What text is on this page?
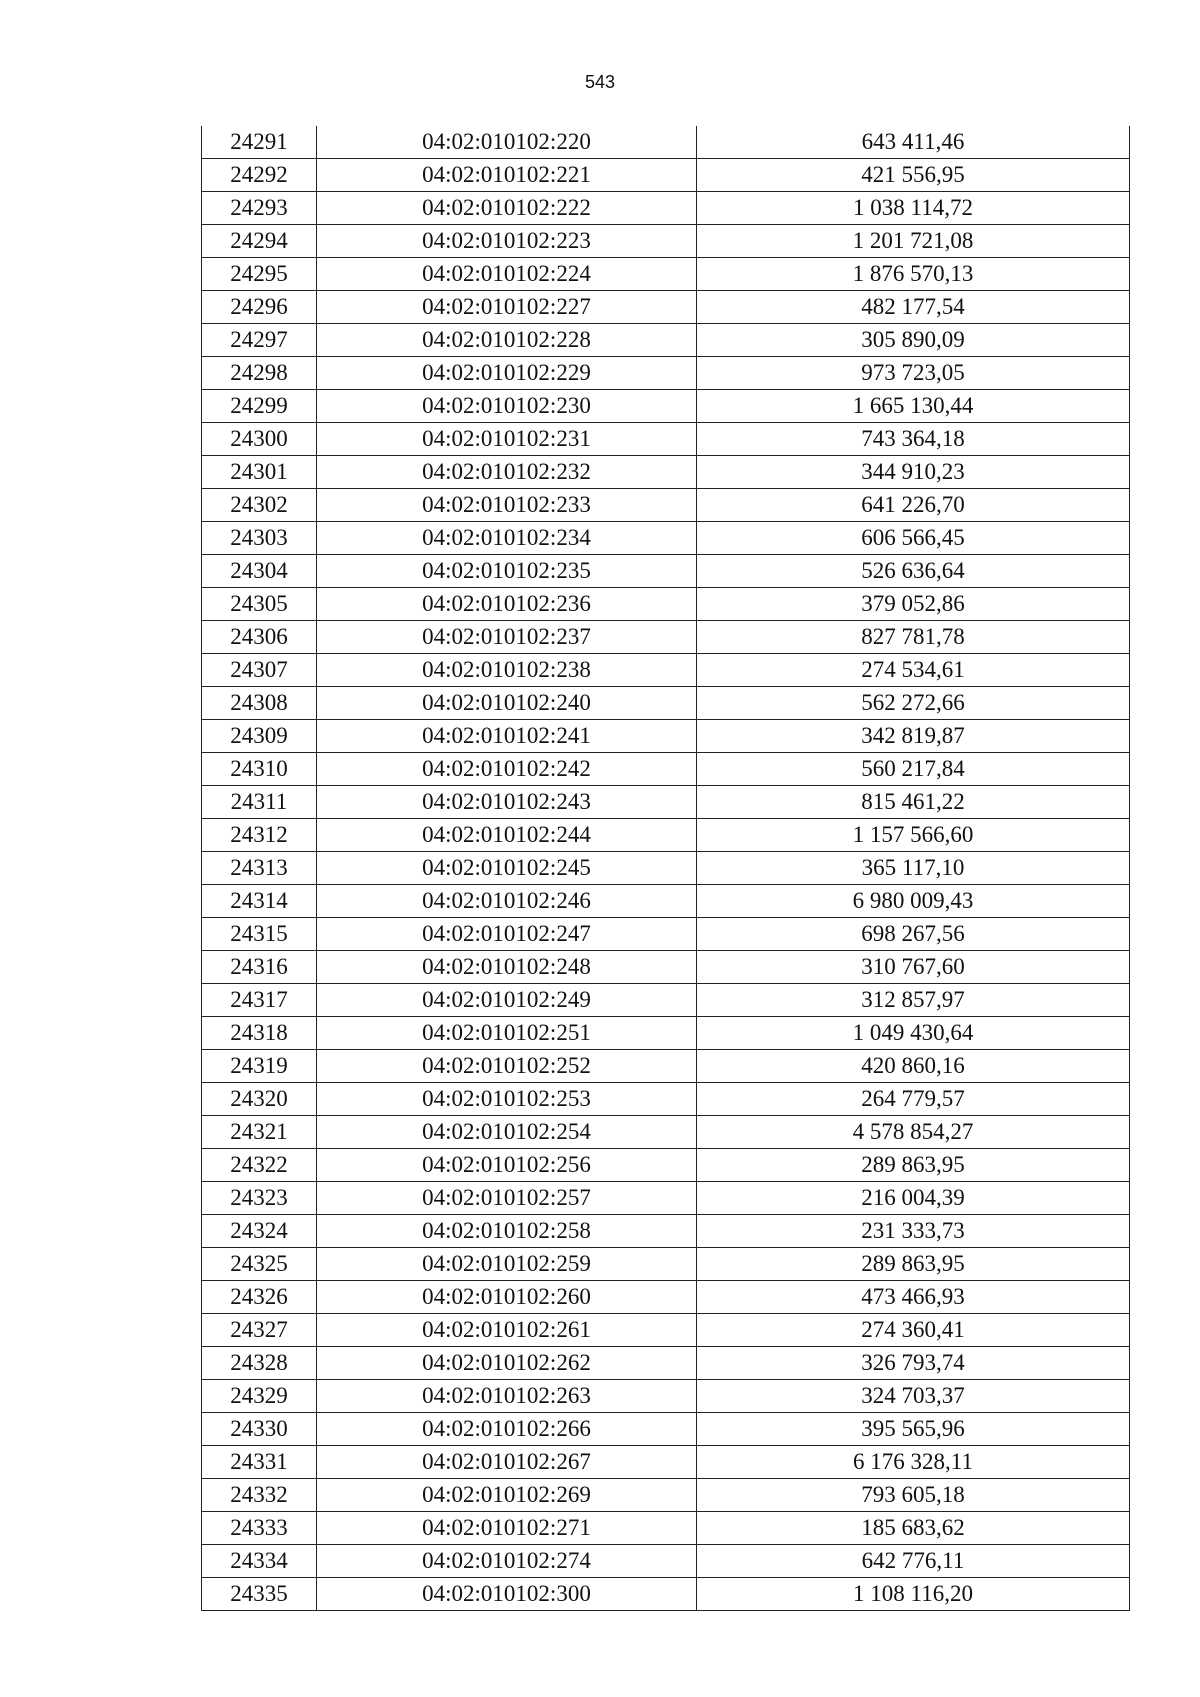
543
24291	04:02:010102:220	643 411,46
24292	04:02:010102:221	421 556,95
24293	04:02:010102:222	1 038 114,72
24294	04:02:010102:223	1 201 721,08
24295	04:02:010102:224	1 876 570,13
24296	04:02:010102:227	482 177,54
24297	04:02:010102:228	305 890,09
24298	04:02:010102:229	973 723,05
24299	04:02:010102:230	1 665 130,44
24300	04:02:010102:231	743 364,18
24301	04:02:010102:232	344 910,23
24302	04:02:010102:233	641 226,70
24303	04:02:010102:234	606 566,45
24304	04:02:010102:235	526 636,64
24305	04:02:010102:236	379 052,86
24306	04:02:010102:237	827 781,78
24307	04:02:010102:238	274 534,61
24308	04:02:010102:240	562 272,66
24309	04:02:010102:241	342 819,87
24310	04:02:010102:242	560 217,84
24311	04:02:010102:243	815 461,22
24312	04:02:010102:244	1 157 566,60
24313	04:02:010102:245	365 117,10
24314	04:02:010102:246	6 980 009,43
24315	04:02:010102:247	698 267,56
24316	04:02:010102:248	310 767,60
24317	04:02:010102:249	312 857,97
24318	04:02:010102:251	1 049 430,64
24319	04:02:010102:252	420 860,16
24320	04:02:010102:253	264 779,57
24321	04:02:010102:254	4 578 854,27
24322	04:02:010102:256	289 863,95
24323	04:02:010102:257	216 004,39
24324	04:02:010102:258	231 333,73
24325	04:02:010102:259	289 863,95
24326	04:02:010102:260	473 466,93
24327	04:02:010102:261	274 360,41
24328	04:02:010102:262	326 793,74
24329	04:02:010102:263	324 703,37
24330	04:02:010102:266	395 565,96
24331	04:02:010102:267	6 176 328,11
24332	04:02:010102:269	793 605,18
24333	04:02:010102:271	185 683,62
24334	04:02:010102:274	642 776,11
24335	04:02:010102:300	1 108 116,20
